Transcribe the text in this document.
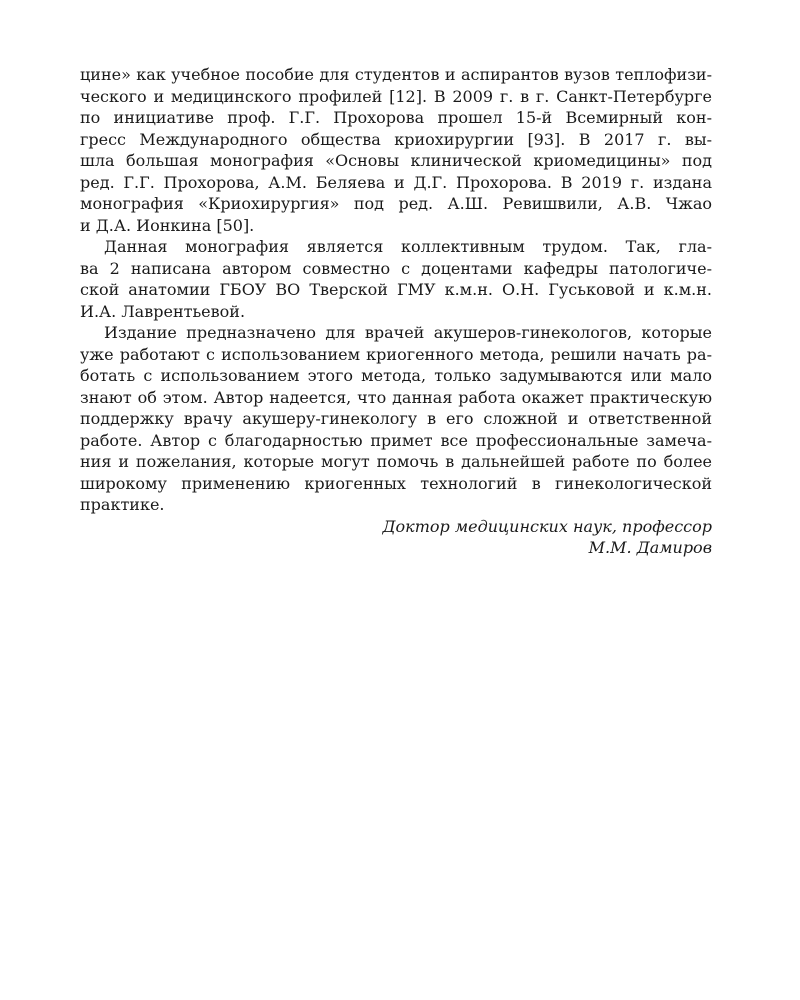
цине» как учебное пособие для студентов и аспирантов вузов теплофизи-
ческого и медицинского профилей [12]. В 2009 г. в г. Санкт-Петербурге
по инициативе проф. Г.Г. Прохорова прошел 15-й Всемирный кон-
гресс Международного общества криохирургии [93]. В 2017 г. вы-
шла большая монография «Основы клинической криомедицины» под
ред. Г.Г. Прохорова, А.М. Беляева и Д.Г. Прохорова. В 2019 г. издана
монография «Криохирургия» под ред. А.Ш. Ревишвили, А.В. Чжао
и Д.А. Ионкина [50].
Данная монография является коллективным трудом. Так, гла-
ва 2 написана автором совместно с доцентами кафедры патологиче-
ской анатомии ГБОУ ВО Тверской ГМУ к.м.н. О.Н. Гуськовой и к.м.н.
И.А. Лаврентьевой.
Издание предназначено для врачей акушеров-гинекологов, которые
уже работают с использованием криогенного метода, решили начать ра-
ботать с использованием этого метода, только задумываются или мало
знают об этом. Автор надеется, что данная работа окажет практическую
поддержку врачу акушеру-гинекологу в его сложной и ответственной
работе. Автор с благодарностью примет все профессиональные замеча-
ния и пожелания, которые могут помочь в дальнейшей работе по более
широкому применению криогенных технологий в гинекологической
практике.
Доктор медицинских наук, профессор
М.М. Дамиров
